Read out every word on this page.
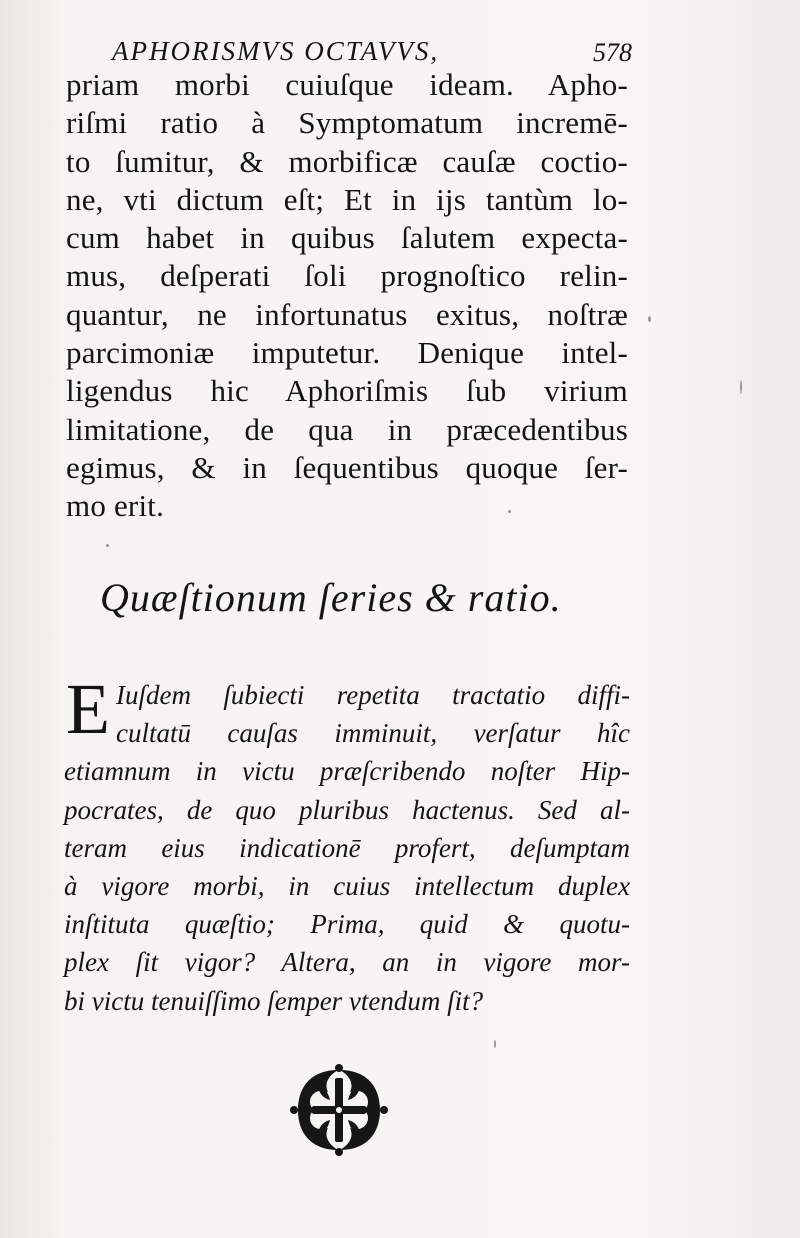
APHORISMVS OCTAVVS,	578
priam morbi cuiuſque ideam. Apho-
riſmi ratio à Symptomatum incremē-
to ſumitur, & morbificæ cauſæ coctio-
ne, vti dictum eſt; Et in ijs tantùm lo-
cum habet in quibus ſalutem expecta-
mus, deſperati ſoli prognoſtico relin-
quantur, ne infortunatus exitus, noſtræ
parcimoniæ imputetur. Denique intel-
ligendus hic Aphoriſmis ſub virium
limitatione, de qua in præcedentibus
egimus, & in ſequentibus quoque ſer-
mo erit.
Quæſtionum ſeries & ratio.
E Iuſdem ſubiecti repetita tractatio diffi-
cultatū cauſas imminuit, verſatur hîc
etiamnum in victu præſcribendo noſter Hip-
pocrates, de quo pluribus hactenus. Sed al-
teram eius indicationē profert, deſumptam
à vigore morbi, in cuius intellectum duplex
inſtituta quæſtio; Prima, quid & quotu-
plex ſit vigor? Altera, an in vigore mor-
bi victu tenuiſſimo ſemper vtendum ſit?
